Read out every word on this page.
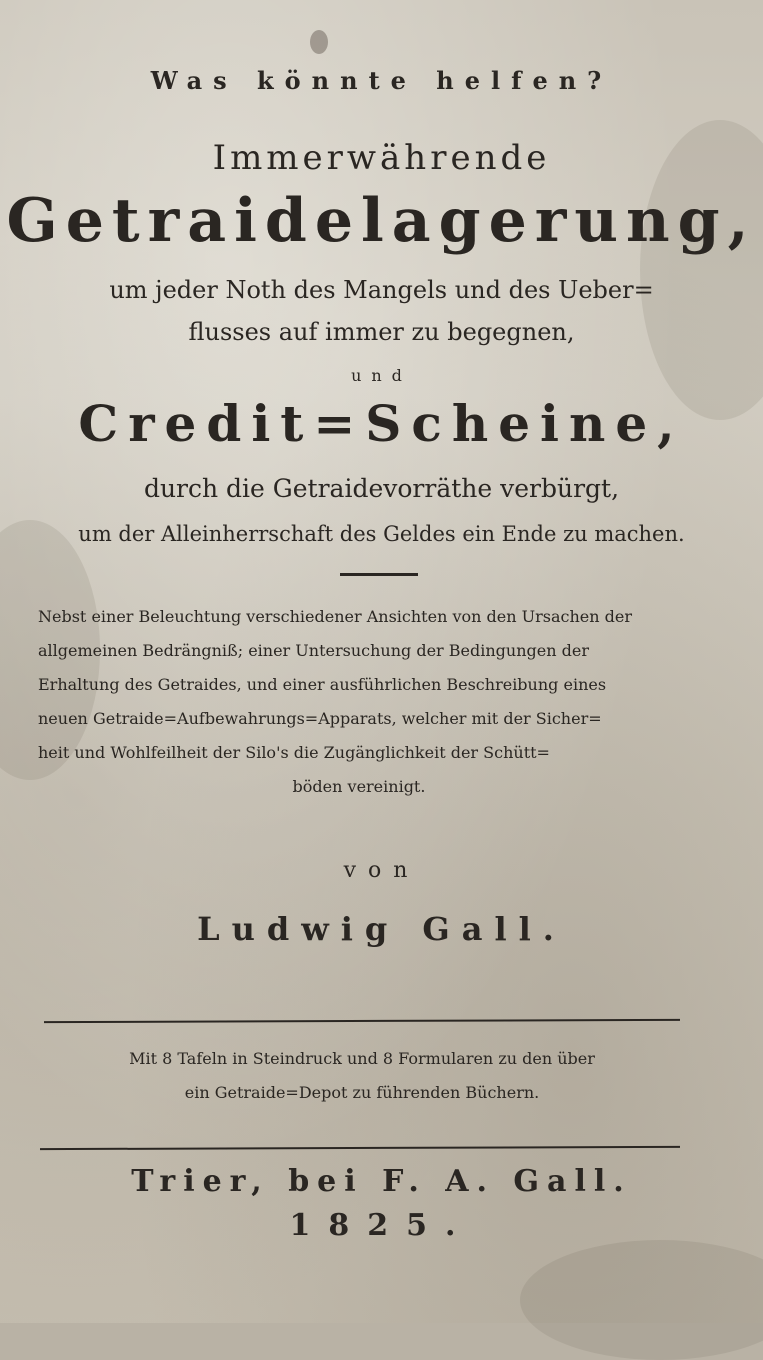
Was könnte helfen?
Immerwährende
Getraidelagerung,
um jeder Noth des Mangels und des Ueber=
flusses auf immer zu begegnen,
und
Credit=Scheine,
durch die Getraidevorräthe verbürgt,
um der Alleinherrschaft des Geldes ein Ende zu machen.
Nebst einer Beleuchtung verschiedener Ansichten von den Ursachen der
allgemeinen Bedrängniß; einer Untersuchung der Bedingungen der
Erhaltung des Getraides, und einer ausführlichen Beschreibung eines
neuen Getraide=Aufbewahrungs=Apparats, welcher mit der Sicher=
heit und Wohlfeilheit der Silo's die Zugänglichkeit der Schütt=
böden vereinigt.
von
Ludwig Gall.
Mit 8 Tafeln in Steindruck und 8 Formularen zu den über
ein Getraide=Depot zu führenden Büchern.
Trier, bei F. A. Gall.
1825.
